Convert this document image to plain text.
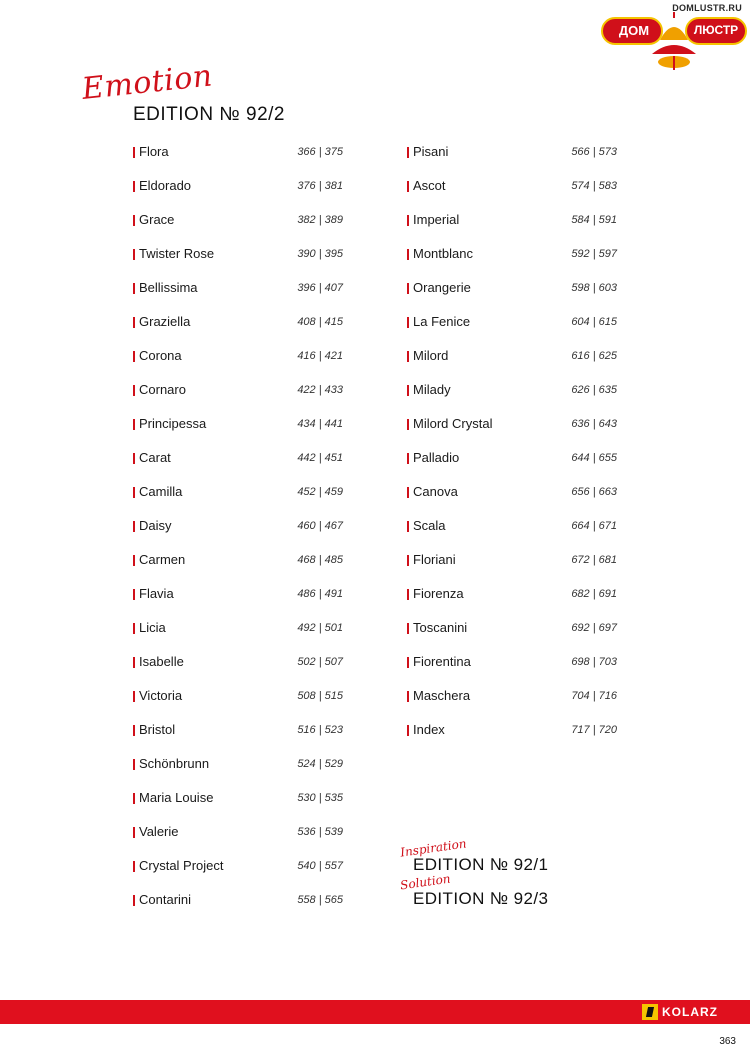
DOMLUSTR.RU
ДОМ	ЛЮСТР
Emotion
EDITION № 92/2
Flora	366 | 375
Eldorado	376 | 381
Grace	382 | 389
Twister Rose	390 | 395
Bellissima	396 | 407
Graziella	408 | 415
Corona	416 | 421
Cornaro	422 | 433
Principessa	434 | 441
Carat	442 | 451
Camilla	452 | 459
Daisy	460 | 467
Carmen	468 | 485
Flavia	486 | 491
Licia	492 | 501
Isabelle	502 | 507
Victoria	508 | 515
Bristol	516 | 523
Schönbrunn	524 | 529
Maria Louise	530 | 535
Valerie	536 | 539
Crystal Project	540 | 557
Contarini	558 | 565
Pisani	566 | 573
Ascot	574 | 583
Imperial	584 | 591
Montblanc	592 | 597
Orangerie	598 | 603
La Fenice	604 | 615
Milord	616 | 625
Milady	626 | 635
Milord Crystal	636 | 643
Palladio	644 | 655
Canova	656 | 663
Scala	664 | 671
Floriani	672 | 681
Fiorenza	682 | 691
Toscanini	692 | 697
Fiorentina	698 | 703
Maschera	704 | 716
Index	717 | 720
Inspiration
EDITION № 92/1
Solution
EDITION № 92/3
KOLARZ
363
